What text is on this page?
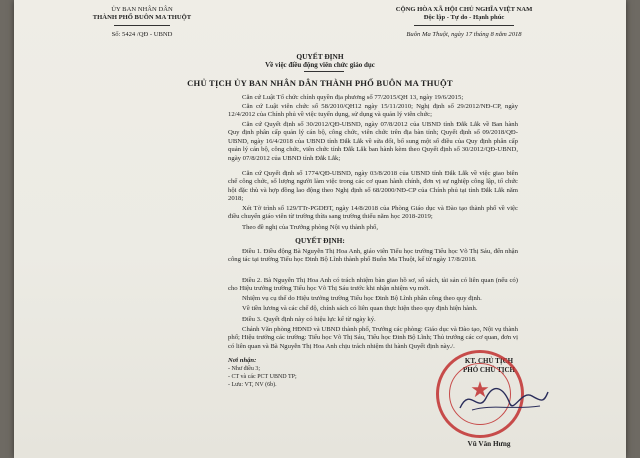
ỦY BAN NHÂN DÂN
THÀNH PHỐ BUÔN MA THUỘT
Số: 5424 /QĐ - UBND
CỘNG HÒA XÃ HỘI CHỦ NGHĨA VIỆT NAM
Độc lập - Tự do - Hạnh phúc
Buôn Ma Thuột, ngày 17 tháng 8 năm 2018
QUYẾT ĐỊNH
Về việc điều động viên chức giáo dục
CHỦ TỊCH ỦY BAN NHÂN DÂN THÀNH PHỐ BUÔN MA THUỘT
Căn cứ Luật Tổ chức chính quyền địa phương số 77/2015/QH 13, ngày 19/6/2015;
Căn cứ Luật viên chức số 58/2010/QH12 ngày 15/11/2010; Nghị định số 29/2012/NĐ-CP, ngày 12/4/2012 của Chính phủ về việc tuyển dụng, sử dụng và quản lý viên chức;
Căn cứ Quyết định số 30/2012/QĐ-UBND, ngày 07/8/2012 của UBND tỉnh Đắk Lắk về Ban hành Quy định phân cấp quản lý cán bộ, công chức, viên chức trên địa bàn tỉnh; Quyết định số 09/2018/QĐ-UBND, ngày 16/4/2018 của UBND tỉnh Đắk Lắk về sửa đổi, bổ sung một số điều của Quy định phân cấp quản lý cán bộ, công chức, viên chức tỉnh Đắk Lắk ban hành kèm theo Quyết định số 30/2012/QĐ-UBND, ngày 07/8/2012 của UBND tỉnh Đắk Lắk;
Căn cứ Quyết định số 1774/QĐ-UBND, ngày 03/8/2018 của UBND tỉnh Đắk Lắk về việc giao biên chế công chức, số lượng người làm việc trong các cơ quan hành chính, đơn vị sự nghiệp công lập, tổ chức hội đặc thù và hợp đồng lao động theo Nghị định số 68/2000/NĐ-CP của Chính phủ tại tỉnh Đắk Lắk năm 2018;
Xét Tờ trình số 129/TTr-PGDĐT, ngày 14/8/2018 của Phòng Giáo dục và Đào tạo thành phố về việc điều chuyển giáo viên từ trường thừa sang trường thiếu năm học 2018-2019;
Theo đề nghị của Trưởng phòng Nội vụ thành phố,
QUYẾT ĐỊNH:
Điều 1. Điều động Bà Nguyễn Thị Hoa Anh, giáo viên Tiểu học trường Tiểu học Võ Thị Sáu, đến nhận công tác tại trường Tiểu học Đinh Bộ Lĩnh thành phố Buôn Ma Thuột, kể từ ngày 17/8/2018.
Điều 2. Bà Nguyễn Thị Hoa Anh có trách nhiệm bàn giao hồ sơ, sổ sách, tài sản có liên quan (nếu có) cho Hiệu trưởng trường Tiểu học Võ Thị Sáu trước khi nhận nhiệm vụ mới.
Nhiệm vụ cụ thể do Hiệu trưởng trường Tiểu học Đinh Bộ Lĩnh phân công theo quy định.
Về tiền lương và các chế độ, chính sách có liên quan thực hiện theo quy định hiện hành.
Điều 3. Quyết định này có hiệu lực kể từ ngày ký.
Chánh Văn phòng HĐND và UBND thành phố, Trưởng các phòng: Giáo dục và Đào tạo, Nội vụ thành phố; Hiệu trưởng các trường: Tiểu học Võ Thị Sáu, Tiểu học Đinh Bộ Lĩnh; Thủ trưởng các cơ quan, đơn vị có liên quan và Bà Nguyễn Thị Hoa Anh chịu trách nhiệm thi hành Quyết định này./.
Nơi nhận:
- Như điều 3;
- CT và các PCT UBND TP;
- Lưu: VT, NV (6b).
KT. CHỦ TỊCH
PHÓ CHỦ TỊCH
★
Vũ Văn Hưng
